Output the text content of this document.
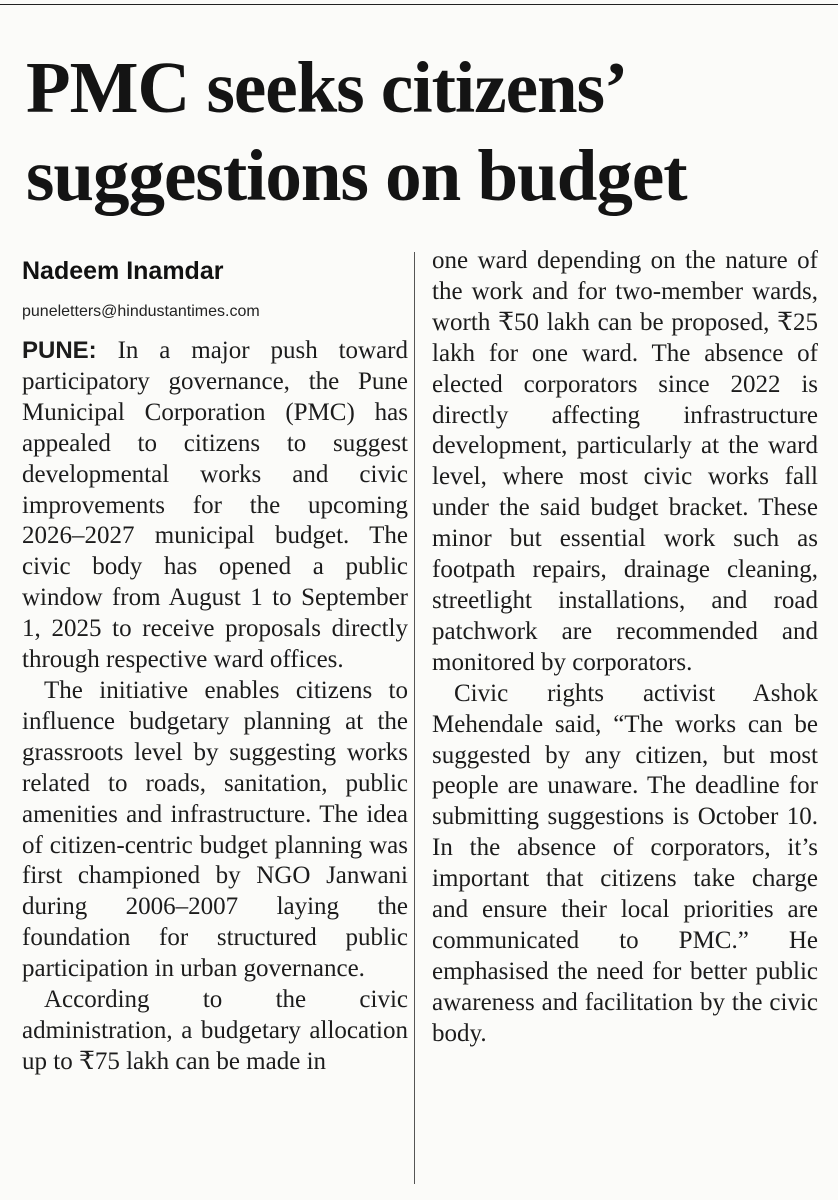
PMC seeks citizens’
suggestions on budget
Nadeem Inamdar
puneletters@hindustantimes.com

PUNE: In a major push toward participatory governance, the Pune Municipal Corporation (PMC) has appealed to citizens to suggest developmental works and civic improvements for the upcoming 2026–2027 municipal budget. The civic body has opened a public window from August 1 to September 1, 2025 to receive proposals directly through respective ward offices.

The initiative enables citizens to influence budgetary planning at the grassroots level by suggesting works related to roads, sanitation, public amenities and infrastructure. The idea of citizen-centric budget planning was first championed by NGO Janwani during 2006–2007 laying the foundation for structured public participation in urban governance.

According to the civic administration, a budgetary allocation up to ₹75 lakh can be made in

one ward depending on the nature of the work and for two-member wards, worth ₹50 lakh can be proposed, ₹25 lakh for one ward. The absence of elected corporators since 2022 is directly affecting infrastructure development, particularly at the ward level, where most civic works fall under the said budget bracket. These minor but essential work such as footpath repairs, drainage cleaning, streetlight installations, and road patchwork are recommended and monitored by corporators.

Civic rights activist Ashok Mehendale said, “The works can be suggested by any citizen, but most people are unaware. The deadline for submitting suggestions is October 10. In the absence of corporators, it’s important that citizens take charge and ensure their local priorities are communicated to PMC.” He emphasised the need for better public awareness and facilitation by the civic body.
